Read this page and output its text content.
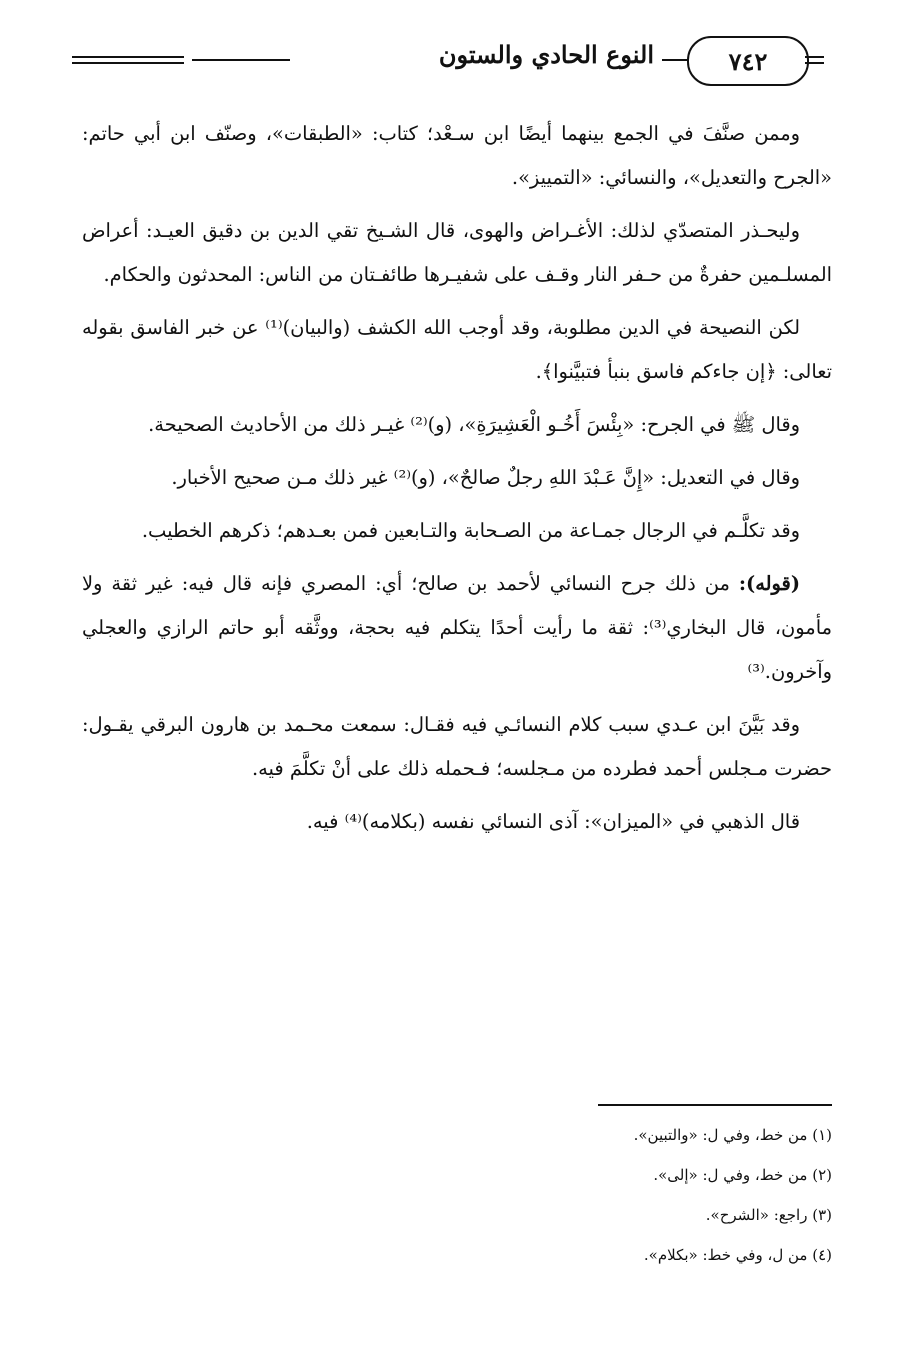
النوع الحادي والستون	٧٤٢

وممن صنَّفَ في الجمع بينهما أيضًا ابن سـعْد؛ كتاب: «الطبقات»، وصنّف ابن أبي حاتم: «الجرح والتعديل»، والنسائي: «التمييز».

وليحـذر المتصدّي لذلك: الأغـراض والهوى، قال الشـيخ تقي الدين بن دقيق العيـد: أعراض المسلـمين حفرةٌ من حـفر النار وقـف على شفيـرها طائفـتان من الناس: المحدثون والحكام.

لكن النصيحة في الدين مطلوبة، وقد أوجب الله الكشف (والبيان)⁽¹⁾ عن خبر الفاسق بقوله تعالى: ﴿إن جاءكم فاسق بنبأ فتبيَّنوا﴾.

وقال ﷺ في الجرح: «بِئْسَ أَخُـو الْعَشِيرَةِ»، (و)⁽²⁾ غيـر ذلك من الأحاديث الصحيحة.

وقال في التعديل: «إِنَّ عَـبْدَ اللهِ رجلٌ صالحٌ»، (و)⁽²⁾ غير ذلك مـن صحيح الأخبار.

وقد تكلَّـم في الرجال جمـاعة من الصـحابة والتـابعين فمن بعـدهم؛ ذكرهم الخطيب.

(قوله): من ذلك جرح النسائي لأحمد بن صالح؛ أي: المصري فإنه قال فيه: غير ثقة ولا مأمون، قال البخاري⁽³⁾: ثقة ما رأيت أحدًا يتكلم فيه بحجة، ووثَّقه أبو حاتم الرازي والعجلي وآخرون.⁽³⁾

وقد بَيَّنَ ابن عـدي سبب كلام النسائـي فيه فقـال: سمعت محـمد بن هارون البرقي يقـول: حضرت مـجلس أحمد فطرده من مـجلسه؛ فـحمله ذلك على أنْ تكلَّمَ فيه.

قال الذهبي في «الميزان»: آذى النسائي نفسه (بكلامه)⁽⁴⁾ فيه.

(١) من خط، وفي ل: «والتبين».
(٢) من خط، وفي ل: «إلى».
(٣) راجع: «الشرح».
(٤) من ل، وفي خط: «بكلام».
